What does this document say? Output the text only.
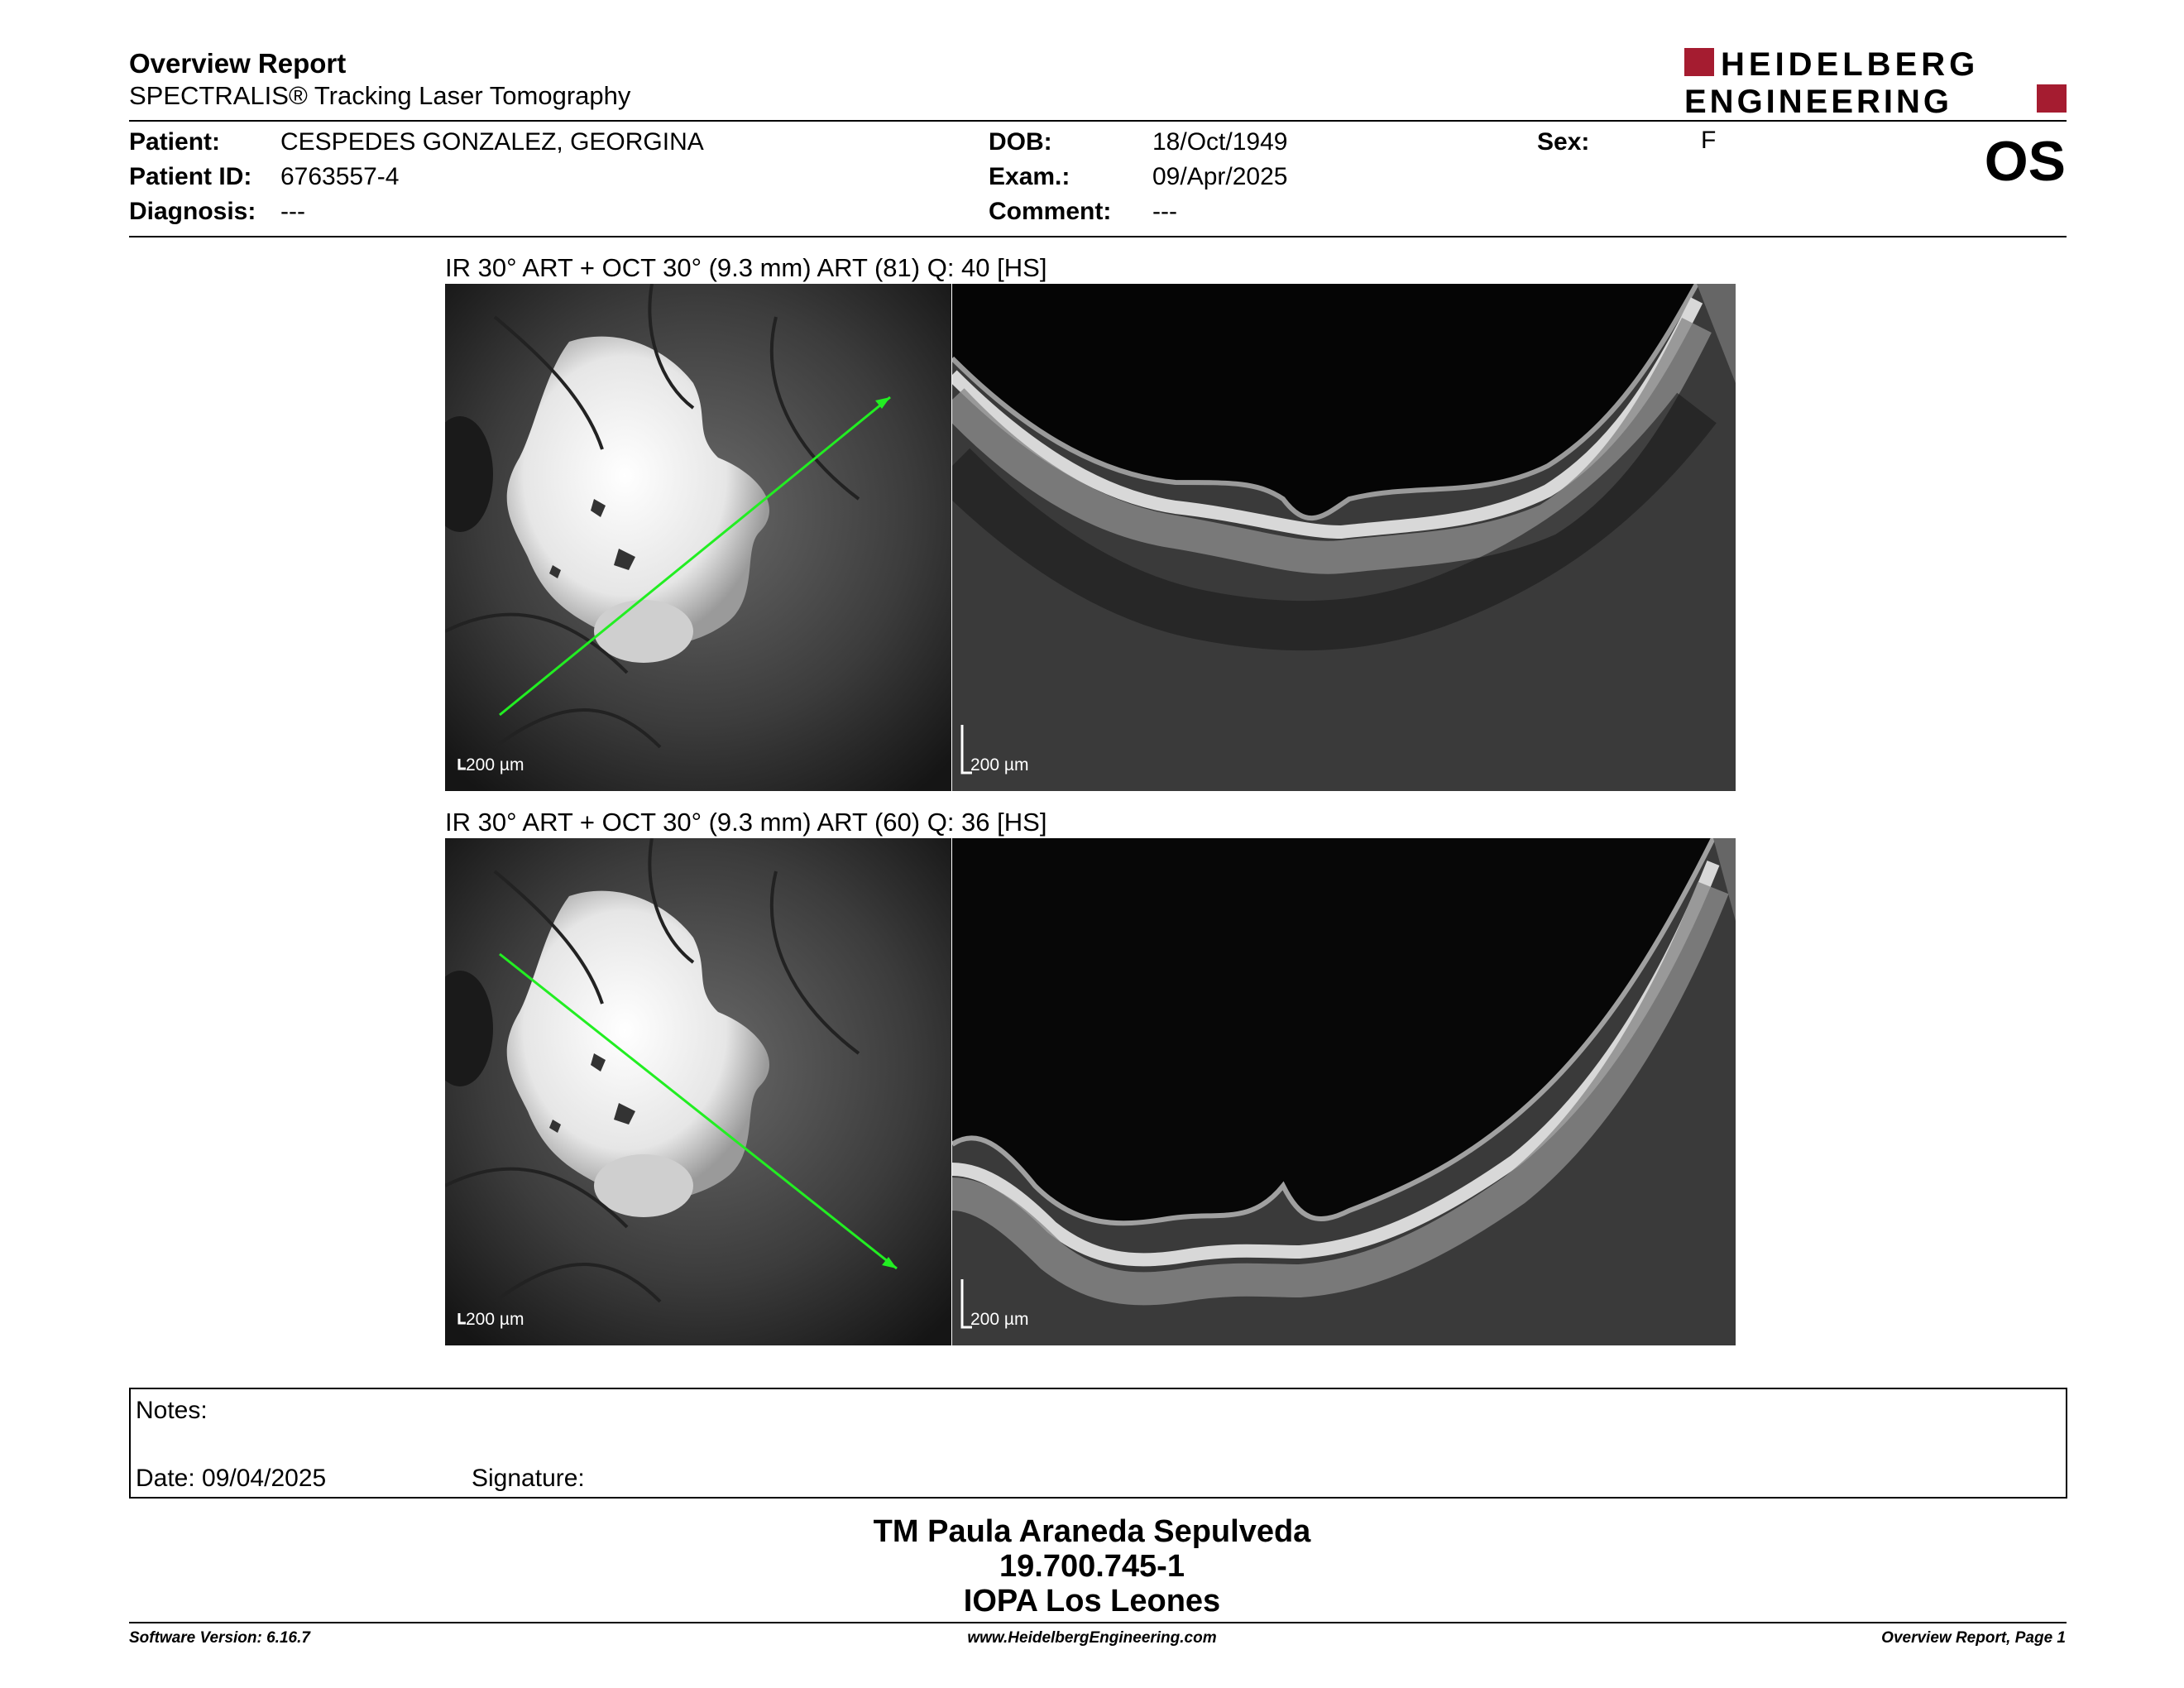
Overview Report
SPECTRALIS® Tracking Laser Tomography
HEIDELBERG
ENGINEERING
Patient: CESPEDES GONZALEZ, GEORGINA
Patient ID: 6763557-4
Diagnosis: ---
DOB:	18/Oct/1949
Exam.:	09/Apr/2025
Comment: ---
Sex:	F	OS
IR 30° ART + OCT 30° (9.3 mm) ART (81) Q: 40 [HS]
200 µm	200 µm
IR 30° ART + OCT 30° (9.3 mm) ART (60) Q: 36 [HS]
200 µm	200 µm
Notes:
Date: 09/04/2025	Signature:
TM Paula Araneda Sepulveda
19.700.745-1
IOPA Los Leones
Software Version: 6.16.7	www.HeidelbergEngineering.com	Overview Report, Page 1
